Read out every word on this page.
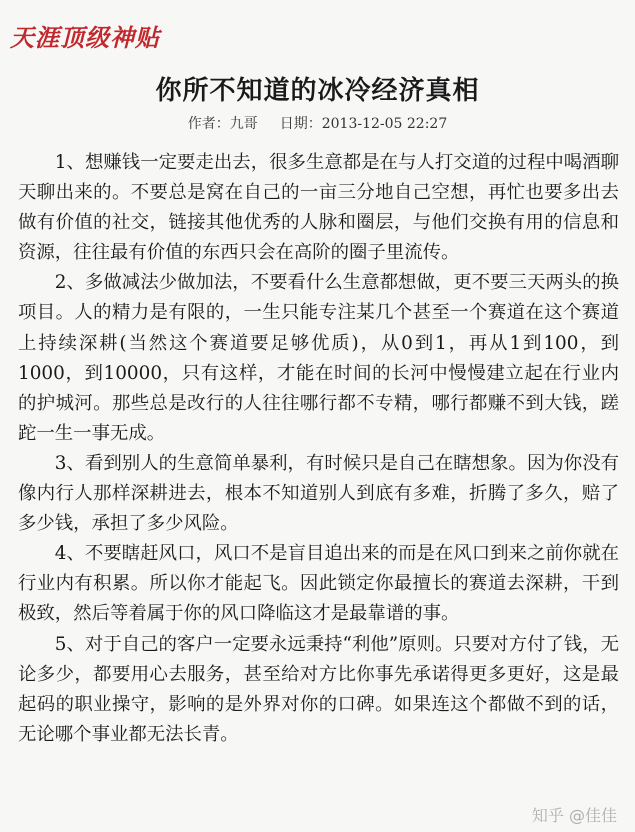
天涯顶级神贴
你所不知道的冰冷经济真相
作者：九哥 日期：2013-12-05 22:27

1、想赚钱一定要走出去，很多生意都是在与人打交道的过程中喝酒聊天聊出来的。不要总是窝在自己的一亩三分地自己空想，再忙也要多出去做有价值的社交，链接其他优秀的人脉和圈层，与他们交换有用的信息和资源，往往最有价值的东西只会在高阶的圈子里流传。

2、多做减法少做加法，不要看什么生意都想做，更不要三天两头的换项目。人的精力是有限的，一生只能专注某几个甚至一个赛道在这个赛道上持续深耕(当然这个赛道要足够优质)，从0到1，再从1到100，到1000，到10000，只有这样，才能在时间的长河中慢慢建立起在行业内的护城河。那些总是改行的人往往哪行都不专精，哪行都赚不到大钱，蹉跎一生一事无成。

3、看到别人的生意简单暴利，有时候只是自己在瞎想象。因为你没有像内行人那样深耕进去，根本不知道别人到底有多难，折腾了多久，赔了多少钱，承担了多少风险。

4、不要瞎赶风口，风口不是盲目追出来的而是在风口到来之前你就在行业内有积累。所以你才能起飞。因此锁定你最擅长的赛道去深耕，干到极致，然后等着属于你的风口降临这才是最靠谱的事。

5、对于自己的客户一定要永远秉持“利他”原则。只要对方付了钱，无论多少，都要用心去服务，甚至给对方比你事先承诺得更多更好，这是最起码的职业操守，影响的是外界对你的口碑。如果连这个都做不到的话，无论哪个事业都无法长青。

知乎 @佳佳
